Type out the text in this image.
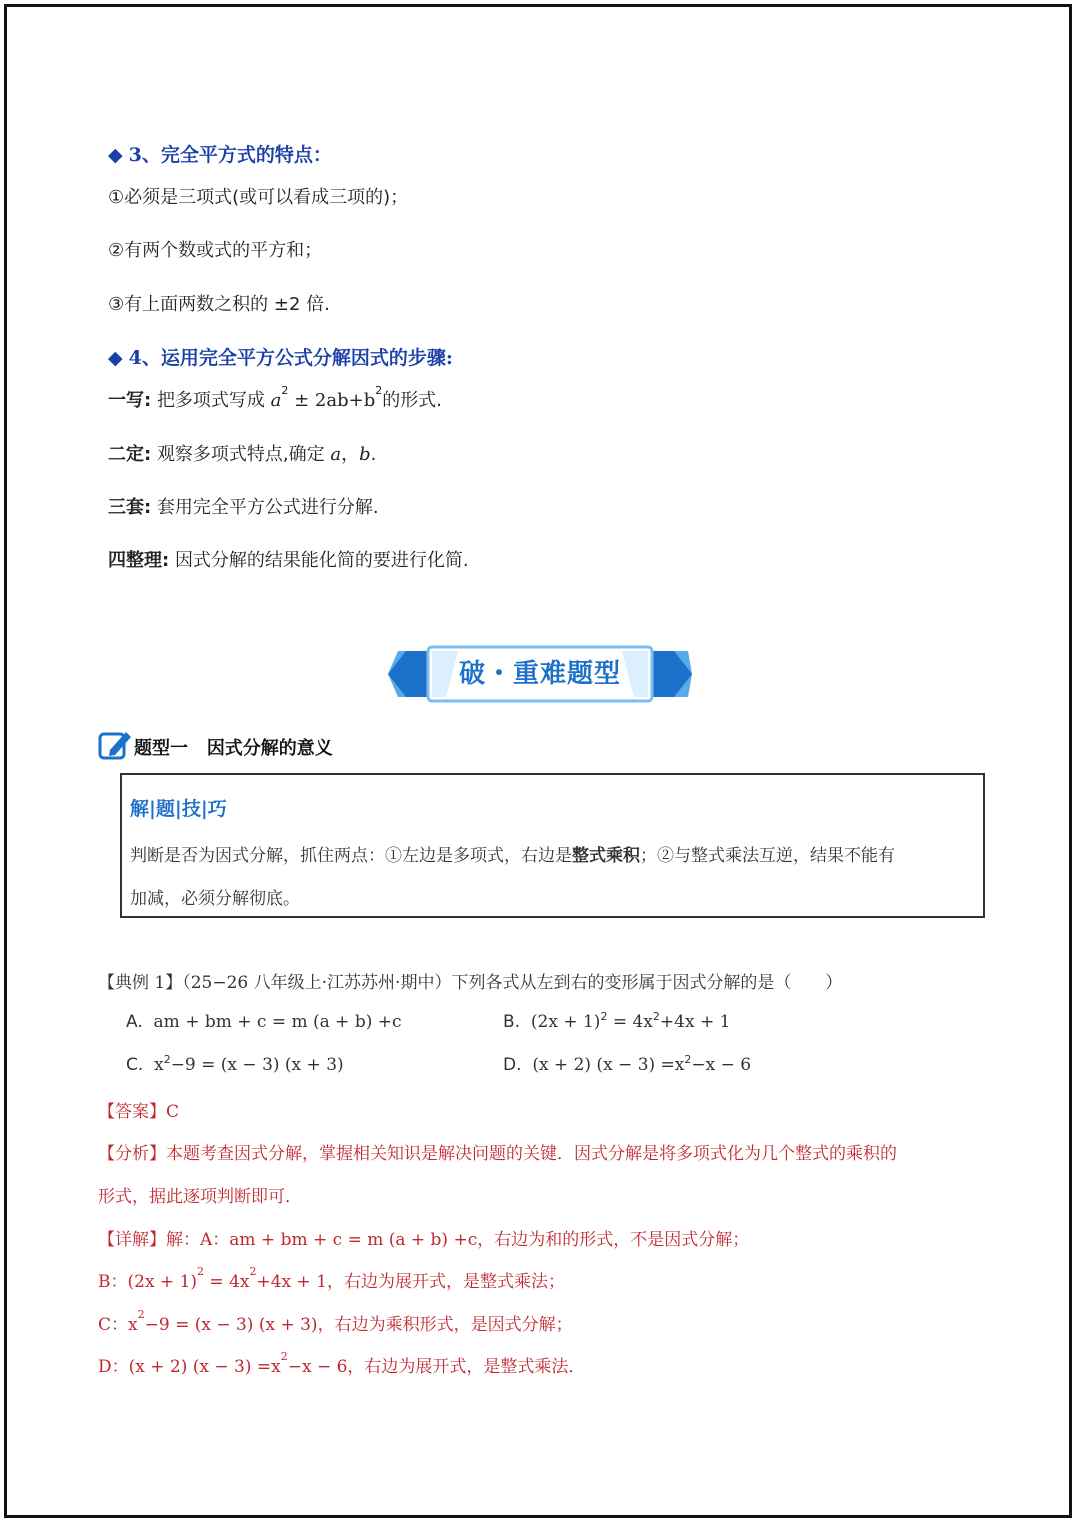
◆ 3、完全平方式的特点：
①必须是三项式(或可以看成三项的)；
②有两个数或式的平方和；
③有上面两数之积的 ±2 倍.
◆ 4、运用完全平方公式分解因式的步骤:
一写: 把多项式写成 $a^2 \pm 2ab+b^2$的形式.
二定: 观察多项式特点,确定 a，b.
三套: 套用完全平方公式进行分解.
四整理: 因式分解的结果能化简的要进行化简.
破・重难题型
题型一 因式分解的意义
解|题|技|巧
判断是否为因式分解，抓住两点：①左边是多项式，右边是整式乘积；②与整式乘法互逆，结果不能有
加减，必须分解彻底。
【典例 1】（25−26 八年级上·江苏苏州·期中）下列各式从左到右的变形属于因式分解的是（　　）
A. am + bm + c = m (a + b) +c	B. $(2x + 1)^2 = 4x^2+4x + 1$
C. $x^2-9 = (x - 3) (x + 3)$	D. (x + 2) $(x - 3) =x^2-x - 6$
【答案】C
【分析】本题考查因式分解，掌握相关知识是解决问题的关键．因式分解是将多项式化为几个整式的乘积的
形式，据此逐项判断即可．
【详解】解：A：am + bm + c = m (a + b) +c，右边为和的形式，不是因式分解；
B：$(2x + 1)^2 = 4x^2+4x + 1$，右边为展开式，是整式乘法；
C：$x^2-9 = (x - 3) (x + 3)$，右边为乘积形式，是因式分解；
D：(x + 2) $(x - 3) =x^2-x - 6$，右边为展开式，是整式乘法．
